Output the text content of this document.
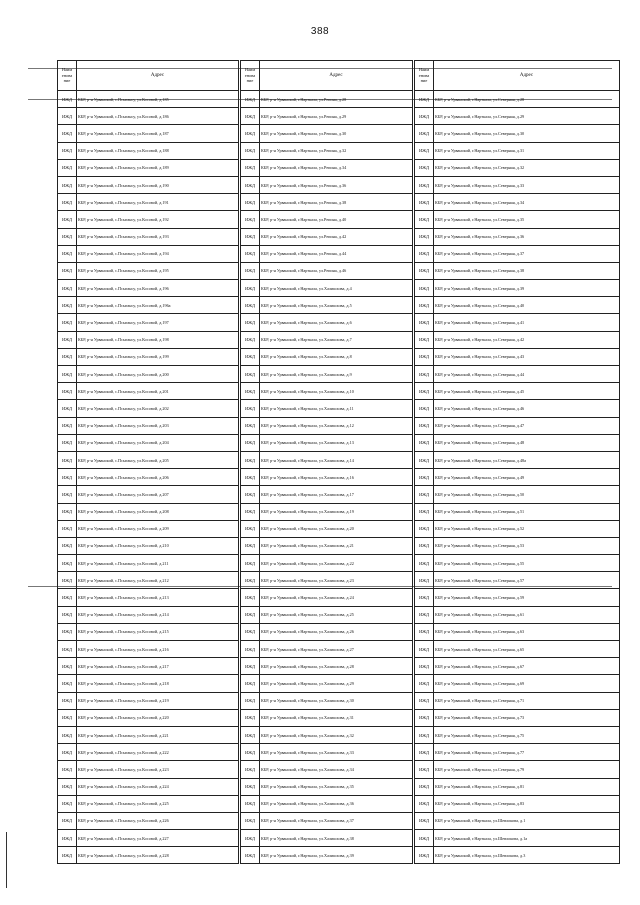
388
Наим енова ние	Адрес
ИЖД	КБР, р-н Урванский, с.Псыгансу, ул.Косовой, д.185
ИЖД	КБР, р-н Урванский, с.Псыгансу, ул.Косовой, д.186
ИЖД	КБР, р-н Урванский, с.Псыгансу, ул.Косовой, д.187
ИЖД	КБР, р-н Урванский, с.Псыгансу, ул.Косовой, д.188
ИЖД	КБР, р-н Урванский, с.Псыгансу, ул.Косовой, д.189
ИЖД	КБР, р-н Урванский, с.Псыгансу, ул.Косовой, д.190
ИЖД	КБР, р-н Урванский, с.Псыгансу, ул.Косовой, д.191
ИЖД	КБР, р-н Урванский, с.Псыгансу, ул.Косовой, д.192
ИЖД	КБР, р-н Урванский, с.Псыгансу, ул.Косовой, д.193
ИЖД	КБР, р-н Урванский, с.Псыгансу, ул.Косовой, д.194
ИЖД	КБР, р-н Урванский, с.Псыгансу, ул.Косовой, д.195
ИЖД	КБР, р-н Урванский, с.Псыгансу, ул.Косовой, д.196
ИЖД	КБР, р-н Урванский, с.Псыгансу, ул.Косовой, д.196а
ИЖД	КБР, р-н Урванский, с.Псыгансу, ул.Косовой, д.197
ИЖД	КБР, р-н Урванский, с.Псыгансу, ул.Косовой, д.198
ИЖД	КБР, р-н Урванский, с.Псыгансу, ул.Косовой, д.199
ИЖД	КБР, р-н Урванский, с.Псыгансу, ул.Косовой, д.200
ИЖД	КБР, р-н Урванский, с.Псыгансу, ул.Косовой, д.201
ИЖД	КБР, р-н Урванский, с.Псыгансу, ул.Косовой, д.202
ИЖД	КБР, р-н Урванский, с.Псыгансу, ул.Косовой, д.203
ИЖД	КБР, р-н Урванский, с.Псыгансу, ул.Косовой, д.204
ИЖД	КБР, р-н Урванский, с.Псыгансу, ул.Косовой, д.205
ИЖД	КБР, р-н Урванский, с.Псыгансу, ул.Косовой, д.206
ИЖД	КБР, р-н Урванский, с.Псыгансу, ул.Косовой, д.207
ИЖД	КБР, р-н Урванский, с.Псыгансу, ул.Косовой, д.208
ИЖД	КБР, р-н Урванский, с.Псыгансу, ул.Косовой, д.209
ИЖД	КБР, р-н Урванский, с.Псыгансу, ул.Косовой, д.210
ИЖД	КБР, р-н Урванский, с.Псыгансу, ул.Косовой, д.211
ИЖД	КБР, р-н Урванский, с.Псыгансу, ул.Косовой, д.212
ИЖД	КБР, р-н Урванский, с.Псыгансу, ул.Косовой, д.213
ИЖД	КБР, р-н Урванский, с.Псыгансу, ул.Косовой, д.214
ИЖД	КБР, р-н Урванский, с.Псыгансу, ул.Косовой, д.215
ИЖД	КБР, р-н Урванский, с.Псыгансу, ул.Косовой, д.216
ИЖД	КБР, р-н Урванский, с.Псыгансу, ул.Косовой, д.217
ИЖД	КБР, р-н Урванский, с.Псыгансу, ул.Косовой, д.218
ИЖД	КБР, р-н Урванский, с.Псыгансу, ул.Косовой, д.219
ИЖД	КБР, р-н Урванский, с.Псыгансу, ул.Косовой, д.220
ИЖД	КБР, р-н Урванский, с.Псыгансу, ул.Косовой, д.221
ИЖД	КБР, р-н Урванский, с.Псыгансу, ул.Косовой, д.222
ИЖД	КБР, р-н Урванский, с.Псыгансу, ул.Косовой, д.223
ИЖД	КБР, р-н Урванский, с.Псыгансу, ул.Косовой, д.224
ИЖД	КБР, р-н Урванский, с.Псыгансу, ул.Косовой, д.225
ИЖД	КБР, р-н Урванский, с.Псыгансу, ул.Косовой, д.226
ИЖД	КБР, р-н Урванский, с.Псыгансу, ул.Косовой, д.227
ИЖД	КБР, р-н Урванский, с.Псыгансу, ул.Косовой, д.228
Наим енова ние	Адрес
ИЖД	КБР, р-н Урванский, г.Нарткала, ул.Репина, д.28
ИЖД	КБР, р-н Урванский, г.Нарткала, ул.Репина, д.29
ИЖД	КБР, р-н Урванский, г.Нарткала, ул.Репина, д.30
ИЖД	КБР, р-н Урванский, г.Нарткала, ул.Репина, д.32
ИЖД	КБР, р-н Урванский, г.Нарткала, ул.Репина, д.34
ИЖД	КБР, р-н Урванский, г.Нарткала, ул.Репина, д.36
ИЖД	КБР, р-н Урванский, г.Нарткала, ул.Репина, д.38
ИЖД	КБР, р-н Урванский, г.Нарткала, ул.Репина, д.40
ИЖД	КБР, р-н Урванский, г.Нарткала, ул.Репина, д.42
ИЖД	КБР, р-н Урванский, г.Нарткала, ул.Репина, д.44
ИЖД	КБР, р-н Урванский, г.Нарткала, ул.Репина, д.46
ИЖД	КБР, р-н Урванский, г.Нарткала, ул.Халишхова, д.4
ИЖД	КБР, р-н Урванский, г.Нарткала, ул.Халишхова, д.5
ИЖД	КБР, р-н Урванский, г.Нарткала, ул.Халишхова, д.6
ИЖД	КБР, р-н Урванский, г.Нарткала, ул.Халишхова, д.7
ИЖД	КБР, р-н Урванский, г.Нарткала, ул.Халишхова, д.8
ИЖД	КБР, р-н Урванский, г.Нарткала, ул.Халишхова, д.9
ИЖД	КБР, р-н Урванский, г.Нарткала, ул.Халишхова, д.10
ИЖД	КБР, р-н Урванский, г.Нарткала, ул.Халишхова, д.11
ИЖД	КБР, р-н Урванский, г.Нарткала, ул.Халишхова, д.12
ИЖД	КБР, р-н Урванский, г.Нарткала, ул.Халишхова, д.13
ИЖД	КБР, р-н Урванский, г.Нарткала, ул.Халишхова, д.14
ИЖД	КБР, р-н Урванский, г.Нарткала, ул.Халишхова, д.16
ИЖД	КБР, р-н Урванский, г.Нарткала, ул.Халишхова, д.17
ИЖД	КБР, р-н Урванский, г.Нарткала, ул.Халишхова, д.19
ИЖД	КБР, р-н Урванский, г.Нарткала, ул.Халишхова, д.20
ИЖД	КБР, р-н Урванский, г.Нарткала, ул.Халишхова, д.21
ИЖД	КБР, р-н Урванский, г.Нарткала, ул.Халишхова, д.22
ИЖД	КБР, р-н Урванский, г.Нарткала, ул.Халишхова, д.23
ИЖД	КБР, р-н Урванский, г.Нарткала, ул.Халишхова, д.24
ИЖД	КБР, р-н Урванский, г.Нарткала, ул.Халишхова, д.25
ИЖД	КБР, р-н Урванский, г.Нарткала, ул.Халишхова, д.26
ИЖД	КБР, р-н Урванский, г.Нарткала, ул.Халишхова, д.27
ИЖД	КБР, р-н Урванский, г.Нарткала, ул.Халишхова, д.28
ИЖД	КБР, р-н Урванский, г.Нарткала, ул.Халишхова, д.29
ИЖД	КБР, р-н Урванский, г.Нарткала, ул.Халишхова, д.30
ИЖД	КБР, р-н Урванский, г.Нарткала, ул.Халишхова, д.31
ИЖД	КБР, р-н Урванский, г.Нарткала, ул.Халишхова, д.32
ИЖД	КБР, р-н Урванский, г.Нарткала, ул.Халишхова, д.33
ИЖД	КБР, р-н Урванский, г.Нарткала, ул.Халишхова, д.34
ИЖД	КБР, р-н Урванский, г.Нарткала, ул.Халишхова, д.35
ИЖД	КБР, р-н Урванский, г.Нарткала, ул.Халишхова, д.36
ИЖД	КБР, р-н Урванский, г.Нарткала, ул.Халишхова, д.37
ИЖД	КБР, р-н Урванский, г.Нарткала, ул.Халишхова, д.38
ИЖД	КБР, р-н Урванский, г.Нарткала, ул.Халишхова, д.39
Наим енова ние	Адрес
ИЖД	КБР, р-н Урванский, г.Нарткала, ул.Северная, д.28
ИЖД	КБР, р-н Урванский, г.Нарткала, ул.Северная, д.29
ИЖД	КБР, р-н Урванский, г.Нарткала, ул.Северная, д.30
ИЖД	КБР, р-н Урванский, г.Нарткала, ул.Северная, д.31
ИЖД	КБР, р-н Урванский, г.Нарткала, ул.Северная, д.32
ИЖД	КБР, р-н Урванский, г.Нарткала, ул.Северная, д.33
ИЖД	КБР, р-н Урванский, г.Нарткала, ул.Северная, д.34
ИЖД	КБР, р-н Урванский, г.Нарткала, ул.Северная, д.35
ИЖД	КБР, р-н Урванский, г.Нарткала, ул.Северная, д.36
ИЖД	КБР, р-н Урванский, г.Нарткала, ул.Северная, д.37
ИЖД	КБР, р-н Урванский, г.Нарткала, ул.Северная, д.38
ИЖД	КБР, р-н Урванский, г.Нарткала, ул.Северная, д.39
ИЖД	КБР, р-н Урванский, г.Нарткала, ул.Северная, д.40
ИЖД	КБР, р-н Урванский, г.Нарткала, ул.Северная, д.41
ИЖД	КБР, р-н Урванский, г.Нарткала, ул.Северная, д.42
ИЖД	КБР, р-н Урванский, г.Нарткала, ул.Северная, д.43
ИЖД	КБР, р-н Урванский, г.Нарткала, ул.Северная, д.44
ИЖД	КБР, р-н Урванский, г.Нарткала, ул.Северная, д.45
ИЖД	КБР, р-н Урванский, г.Нарткала, ул.Северная, д.46
ИЖД	КБР, р-н Урванский, г.Нарткала, ул.Северная, д.47
ИЖД	КБР, р-н Урванский, г.Нарткала, ул.Северная, д.48
ИЖД	КБР, р-н Урванский, г.Нарткала, ул.Северная, д.48а
ИЖД	КБР, р-н Урванский, г.Нарткала, ул.Северная, д.49
ИЖД	КБР, р-н Урванский, г.Нарткала, ул.Северная, д.50
ИЖД	КБР, р-н Урванский, г.Нарткала, ул.Северная, д.51
ИЖД	КБР, р-н Урванский, г.Нарткала, ул.Северная, д.52
ИЖД	КБР, р-н Урванский, г.Нарткала, ул.Северная, д.53
ИЖД	КБР, р-н Урванский, г.Нарткала, ул.Северная, д.55
ИЖД	КБР, р-н Урванский, г.Нарткала, ул.Северная, д.57
ИЖД	КБР, р-н Урванский, г.Нарткала, ул.Северная, д.59
ИЖД	КБР, р-н Урванский, г.Нарткала, ул.Северная, д.61
ИЖД	КБР, р-н Урванский, г.Нарткала, ул.Северная, д.63
ИЖД	КБР, р-н Урванский, г.Нарткала, ул.Северная, д.65
ИЖД	КБР, р-н Урванский, г.Нарткала, ул.Северная, д.67
ИЖД	КБР, р-н Урванский, г.Нарткала, ул.Северная, д.69
ИЖД	КБР, р-н Урванский, г.Нарткала, ул.Северная, д.71
ИЖД	КБР, р-н Урванский, г.Нарткала, ул.Северная, д.73
ИЖД	КБР, р-н Урванский, г.Нарткала, ул.Северная, д.75
ИЖД	КБР, р-н Урванский, г.Нарткала, ул.Северная, д.77
ИЖД	КБР, р-н Урванский, г.Нарткала, ул.Северная, д.79
ИЖД	КБР, р-н Урванский, г.Нарткала, ул.Северная, д.81
ИЖД	КБР, р-н Урванский, г.Нарткала, ул.Северная, д.83
ИЖД	КБР, р-н Урванский, г.Нарткала, ул.Шевлокова, д.1
ИЖД	КБР, р-н Урванский, г.Нарткала, ул.Шевлокова, д.1а
ИЖД	КБР, р-н Урванский, г.Нарткала, ул.Шевлокова, д.3
